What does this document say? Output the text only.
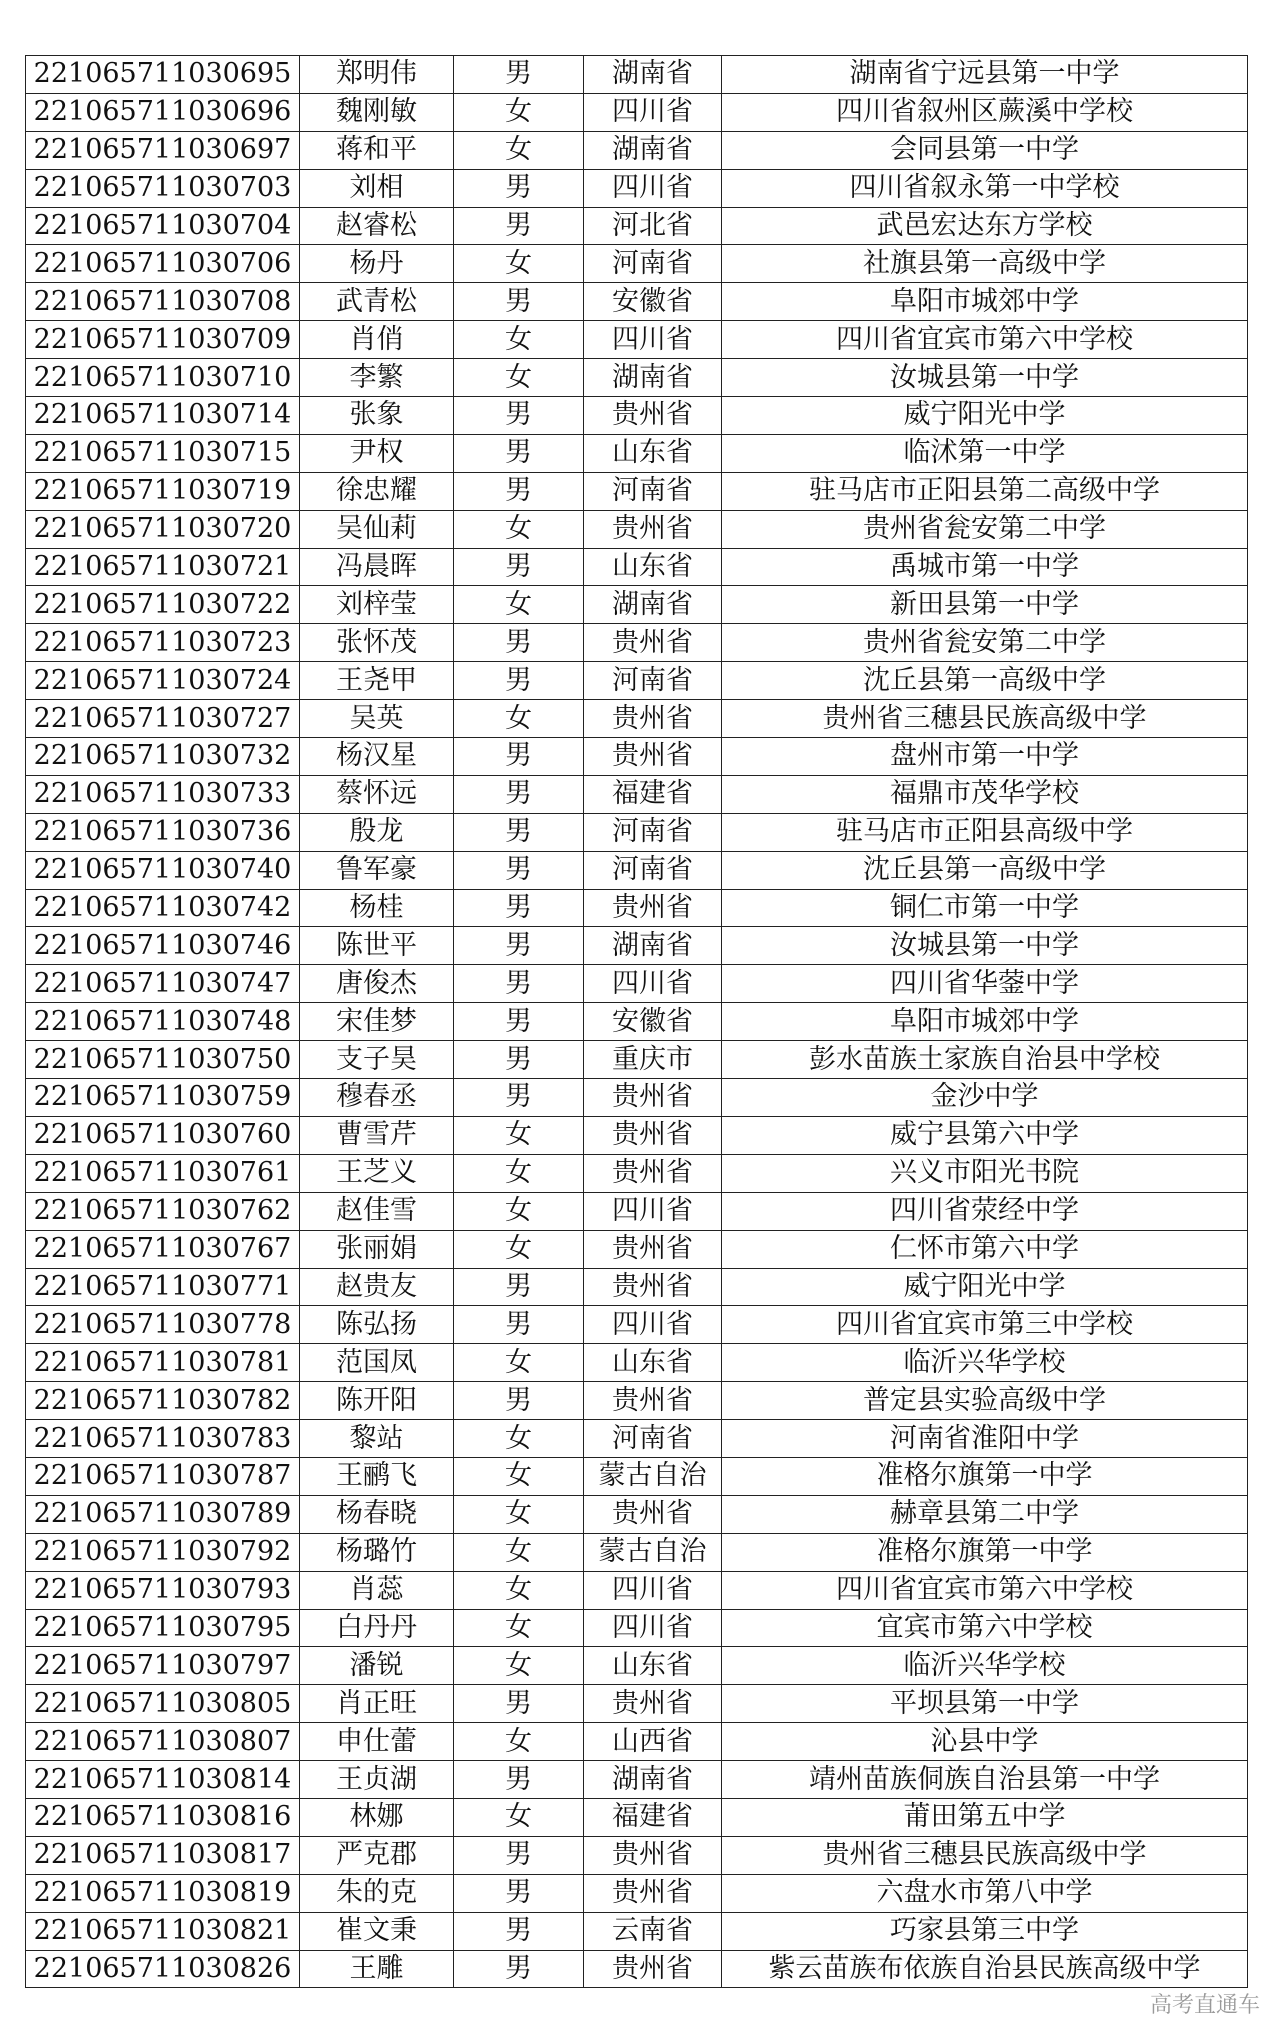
221065711030695	郑明伟	男	湖南省	湖南省宁远县第一中学
221065711030696	魏刚敏	女	四川省	四川省叙州区蕨溪中学校
221065711030697	蒋和平	女	湖南省	会同县第一中学
221065711030703	刘相	男	四川省	四川省叙永第一中学校
221065711030704	赵睿松	男	河北省	武邑宏达东方学校
221065711030706	杨丹	女	河南省	社旗县第一高级中学
221065711030708	武青松	男	安徽省	阜阳市城郊中学
221065711030709	肖俏	女	四川省	四川省宜宾市第六中学校
221065711030710	李繁	女	湖南省	汝城县第一中学
221065711030714	张象	男	贵州省	威宁阳光中学
221065711030715	尹权	男	山东省	临沭第一中学
221065711030719	徐忠耀	男	河南省	驻马店市正阳县第二高级中学
221065711030720	吴仙莉	女	贵州省	贵州省瓮安第二中学
221065711030721	冯晨晖	男	山东省	禹城市第一中学
221065711030722	刘梓莹	女	湖南省	新田县第一中学
221065711030723	张怀茂	男	贵州省	贵州省瓮安第二中学
221065711030724	王尧甲	男	河南省	沈丘县第一高级中学
221065711030727	吴英	女	贵州省	贵州省三穗县民族高级中学
221065711030732	杨汉星	男	贵州省	盘州市第一中学
221065711030733	蔡怀远	男	福建省	福鼎市茂华学校
221065711030736	殷龙	男	河南省	驻马店市正阳县高级中学
221065711030740	鲁军豪	男	河南省	沈丘县第一高级中学
221065711030742	杨桂	男	贵州省	铜仁市第一中学
221065711030746	陈世平	男	湖南省	汝城县第一中学
221065711030747	唐俊杰	男	四川省	四川省华蓥中学
221065711030748	宋佳梦	男	安徽省	阜阳市城郊中学
221065711030750	支子昊	男	重庆市	彭水苗族土家族自治县中学校
221065711030759	穆春丞	男	贵州省	金沙中学
221065711030760	曹雪芹	女	贵州省	威宁县第六中学
221065711030761	王芝义	女	贵州省	兴义市阳光书院
221065711030762	赵佳雪	女	四川省	四川省荥经中学
221065711030767	张丽娟	女	贵州省	仁怀市第六中学
221065711030771	赵贵友	男	贵州省	威宁阳光中学
221065711030778	陈弘扬	男	四川省	四川省宜宾市第三中学校
221065711030781	范国凤	女	山东省	临沂兴华学校
221065711030782	陈开阳	男	贵州省	普定县实验高级中学
221065711030783	黎站	女	河南省	河南省淮阳中学
221065711030787	王鹂飞	女	蒙古自治	准格尔旗第一中学
221065711030789	杨春晓	女	贵州省	赫章县第二中学
221065711030792	杨璐竹	女	蒙古自治	准格尔旗第一中学
221065711030793	肖蕊	女	四川省	四川省宜宾市第六中学校
221065711030795	白丹丹	女	四川省	宜宾市第六中学校
221065711030797	潘锐	女	山东省	临沂兴华学校
221065711030805	肖正旺	男	贵州省	平坝县第一中学
221065711030807	申仕蕾	女	山西省	沁县中学
221065711030814	王贞湖	男	湖南省	靖州苗族侗族自治县第一中学
221065711030816	林娜	女	福建省	莆田第五中学
221065711030817	严克郡	男	贵州省	贵州省三穗县民族高级中学
221065711030819	朱的克	男	贵州省	六盘水市第八中学
221065711030821	崔文秉	男	云南省	巧家县第三中学
221065711030826	王雕	男	贵州省	紫云苗族布依族自治县民族高级中学
高考直通车
